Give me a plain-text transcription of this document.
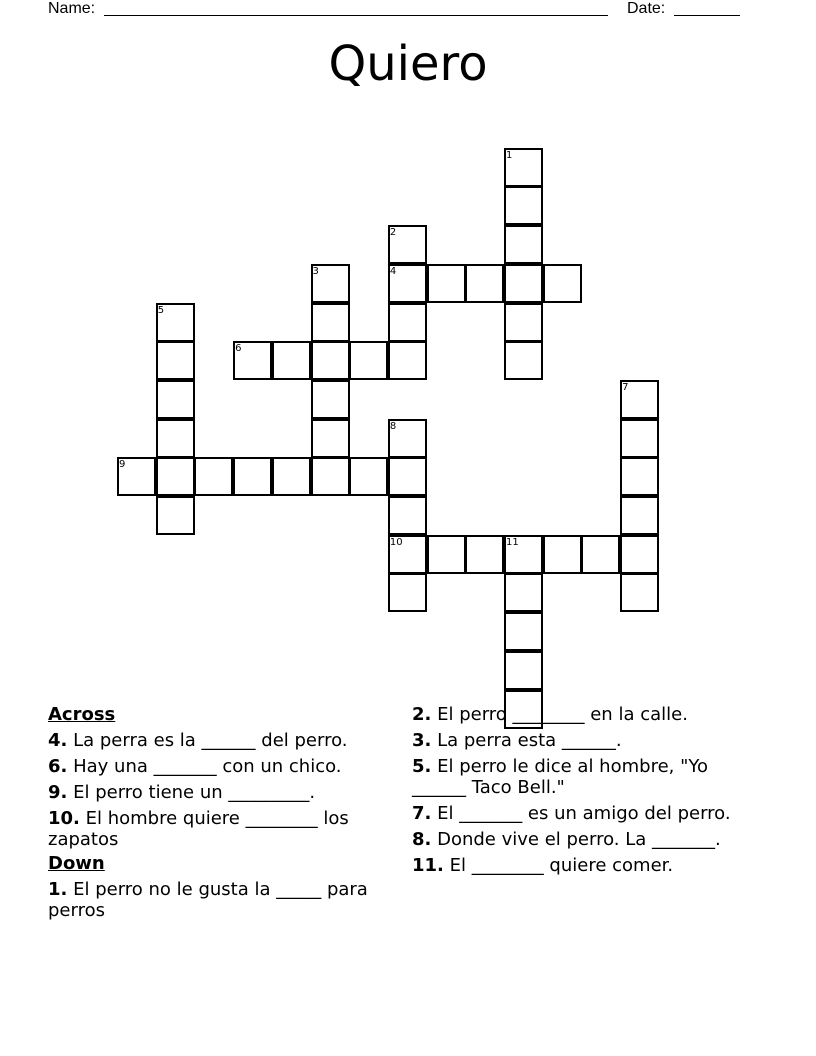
Name:	Date:
Quiero
1
2
3	4
5
6
7
8
9
10	11
Across
4. La perra es la ______ del perro.
6. Hay una _______ con un chico.
9. El perro tiene un _________.
10. El hombre quiere ________ los zapatos
Down
1. El perro no le gusta la _____ para perros
2. El perro ________ en la calle.
3. La perra esta ______.
5. El perro le dice al hombre, "Yo ______ Taco Bell."
7. El _______ es un amigo del perro.
8. Donde vive el perro. La _______.
11. El ________ quiere comer.
